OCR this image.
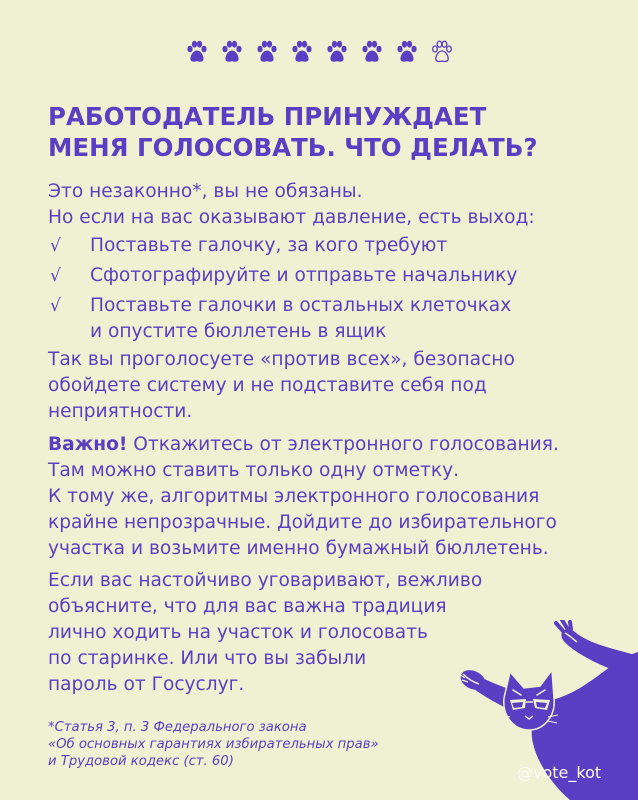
РАБОТОДАТЕЛЬ ПРИНУЖДАЕТ
МЕНЯ ГОЛОСОВАТЬ. ЧТО ДЕЛАТЬ?
Это незаконно*, вы не обязаны.
Но если на вас оказывают давление, есть выход:
√	Поставьте галочку, за кого требуют
√	Сфотографируйте и отправьте начальнику
√	Поставьте галочки в остальных клеточках
и опустите бюллетень в ящик
Так вы проголосуете «против всех», безопасно
обойдете систему и не подставите себя под
неприятности.
Важно! Откажитесь от электронного голосования.
Там можно ставить только одну отметку.
К тому же, алгоритмы электронного голосования
крайне непрозрачные. Дойдите до избирательного
участка и возьмите именно бумажный бюллетень.
Если вас настойчиво уговаривают, вежливо
объясните, что для вас важна традиция
лично ходить на участок и голосовать
по старинке. Или что вы забыли
пароль от Госуслуг.
*Статья 3, п. 3 Федерального закона
«Об основных гарантиях избирательных прав»
и Трудовой кодекс (ст. 60)
@vote_kot
